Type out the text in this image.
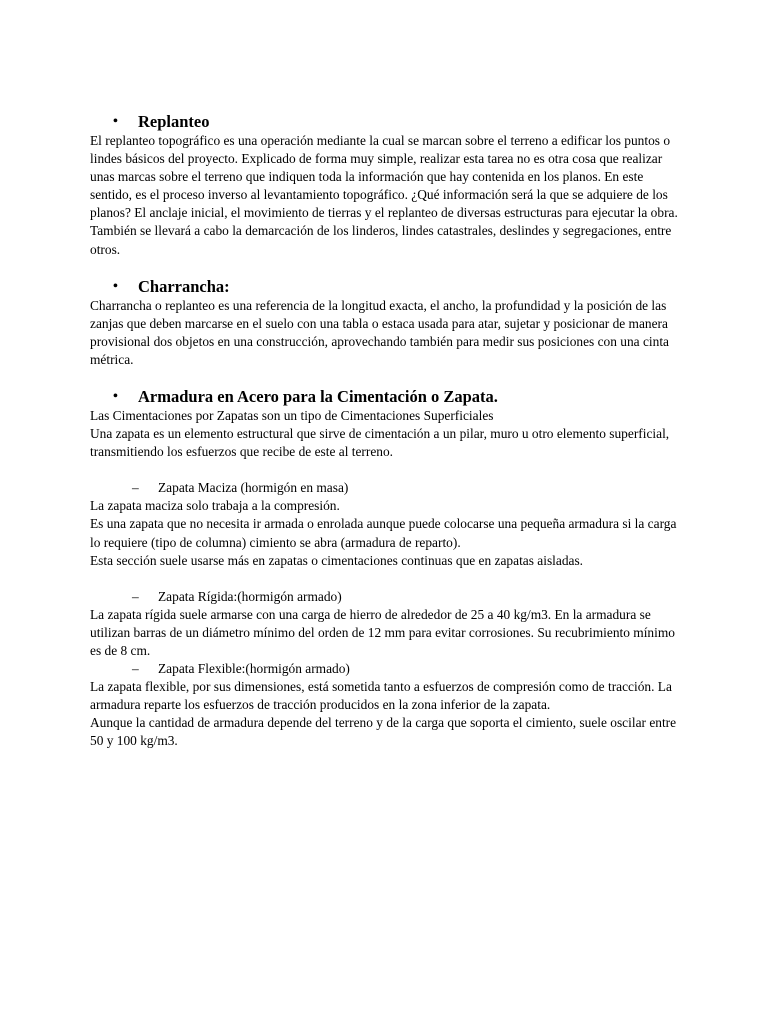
• Replanteo

El replanteo topográfico es una operación mediante la cual se marcan sobre el terreno a edificar los puntos o lindes básicos del proyecto. Explicado de forma muy simple, realizar esta tarea no es otra cosa que realizar unas marcas sobre el terreno que indiquen toda la información que hay contenida en los planos. En este sentido, es el proceso inverso al levantamiento topográfico. ¿Qué información será la que se adquiere de los planos? El anclaje inicial, el movimiento de tierras y el replanteo de diversas estructuras para ejecutar la obra. También se llevará a cabo la demarcación de los linderos, lindes catastrales, deslindes y segregaciones, entre otros.

• Charrancha:

Charrancha o replanteo es una referencia de la longitud exacta, el ancho, la profundidad y la posición de las zanjas que deben marcarse en el suelo con una tabla o estaca usada para atar, sujetar y posicionar de manera provisional dos objetos en una construcción, aprovechando también para medir sus posiciones con una cinta métrica.

• Armadura en Acero para la Cimentación o Zapata.

Las Cimentaciones por Zapatas son un tipo de Cimentaciones Superficiales

Una zapata es un elemento estructural que sirve de cimentación a un pilar, muro u otro elemento superficial, transmitiendo los esfuerzos que recibe de este al terreno.

– Zapata Maciza (hormigón en masa)

La zapata maciza solo trabaja a la compresión.

Es una zapata que no necesita ir armada o enrolada aunque puede colocarse una pequeña armadura si la carga lo requiere (tipo de columna) cimiento se abra (armadura de reparto).

Esta sección suele usarse más en zapatas o cimentaciones continuas que en zapatas aisladas.

– Zapata Rígida:(hormigón armado)

La zapata rígida suele armarse con una carga de hierro de alrededor de 25 a 40 kg/m3. En la armadura se utilizan barras de un diámetro mínimo del orden de 12 mm para evitar corrosiones. Su recubrimiento mínimo es de 8 cm.

– Zapata Flexible:(hormigón armado)

La zapata flexible, por sus dimensiones, está sometida tanto a esfuerzos de compresión como de tracción. La armadura reparte los esfuerzos de tracción producidos en la zona inferior de la zapata.

Aunque la cantidad de armadura depende del terreno y de la carga que soporta el cimiento, suele oscilar entre 50 y 100 kg/m3.
